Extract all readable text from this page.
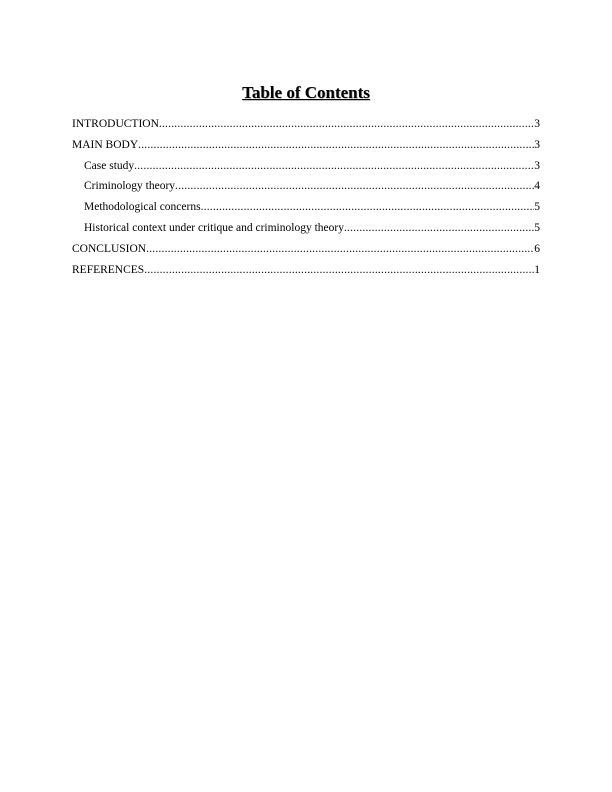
Table of Contents
INTRODUCTION .....	3
MAIN BODY .....	3
Case study .....	3
Criminology theory .....	4
Methodological concerns .....	5
Historical context under critique and criminology theory .....	5
CONCLUSION .....	6
REFERENCES .....	1
